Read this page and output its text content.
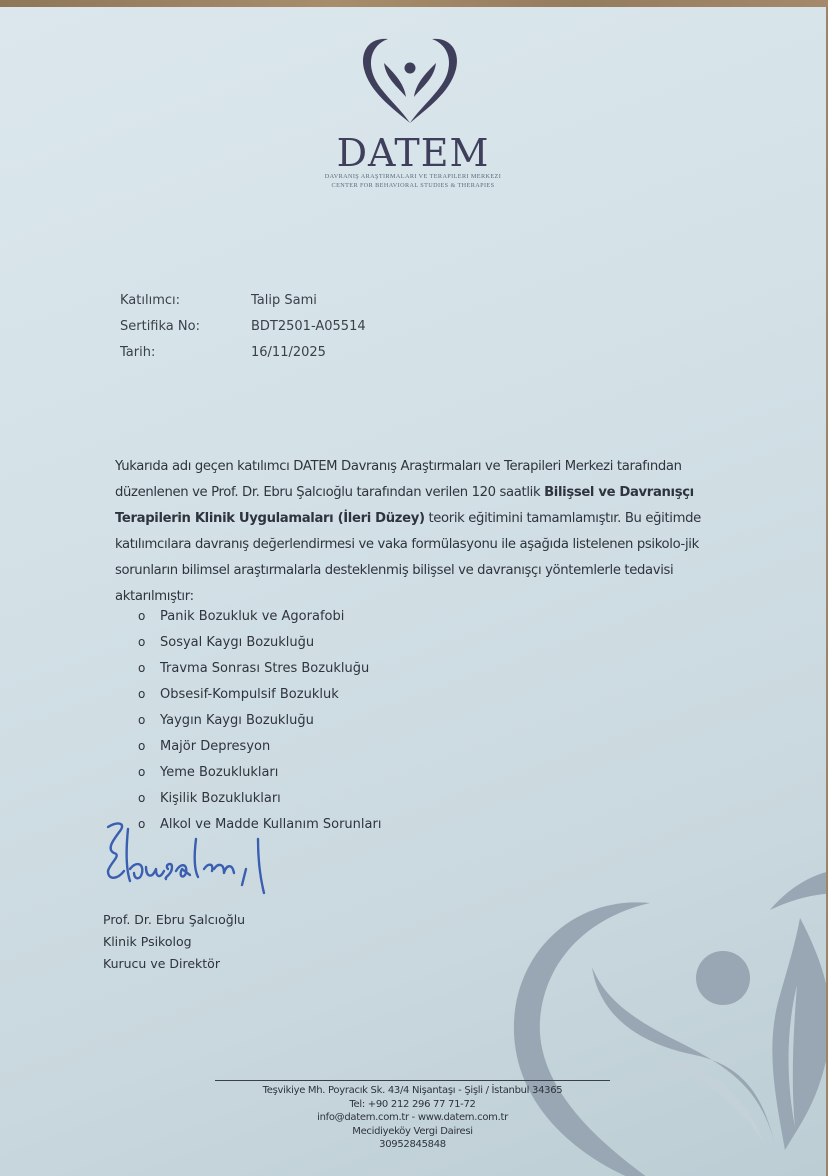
DATEM
DAVRANIŞ ARAŞTIRMALARI VE TERAPILERI MERKEZI
CENTER FOR BEHAVIORAL STUDIES & THERAPIES
Katılımcı:	Talip Sami
Sertifika No:	BDT2501-A05514
Tarih:	16/11/2025
Yukarıda adı geçen katılımcı DATEM Davranış Araştırmaları ve Terapileri Merkezi tarafından düzenlenen ve Prof. Dr. Ebru Şalcıoğlu tarafından verilen 120 saatlik Bilişsel ve Davranışçı Terapilerin Klinik Uygulamaları (İleri Düzey) teorik eğitimini tamamlamıştır. Bu eğitimde katılımcılara davranış değerlendirmesi ve vaka formülasyonu ile aşağıda listelenen psikolo-jik sorunların bilimsel araştırmalarla desteklenmiş bilişsel ve davranışçı yöntemlerle tedavisi aktarılmıştır:
o	Panik Bozukluk ve Agorafobi
o	Sosyal Kaygı Bozukluğu
o	Travma Sonrası Stres Bozukluğu
o	Obsesif-Kompulsif Bozukluk
o	Yaygın Kaygı Bozukluğu
o	Majör Depresyon
o	Yeme Bozuklukları
o	Kişilik Bozuklukları
o	Alkol ve Madde Kullanım Sorunları
Prof. Dr. Ebru Şalcıoğlu
Klinik Psikolog
Kurucu ve Direktör
Teşvikiye Mh. Poyracık Sk. 43/4 Nişantaşı - Şişli / İstanbul 34365
Tel: +90 212 296 77 71-72
info@datem.com.tr - www.datem.com.tr
Mecidiyeköy Vergi Dairesi
30952845848
